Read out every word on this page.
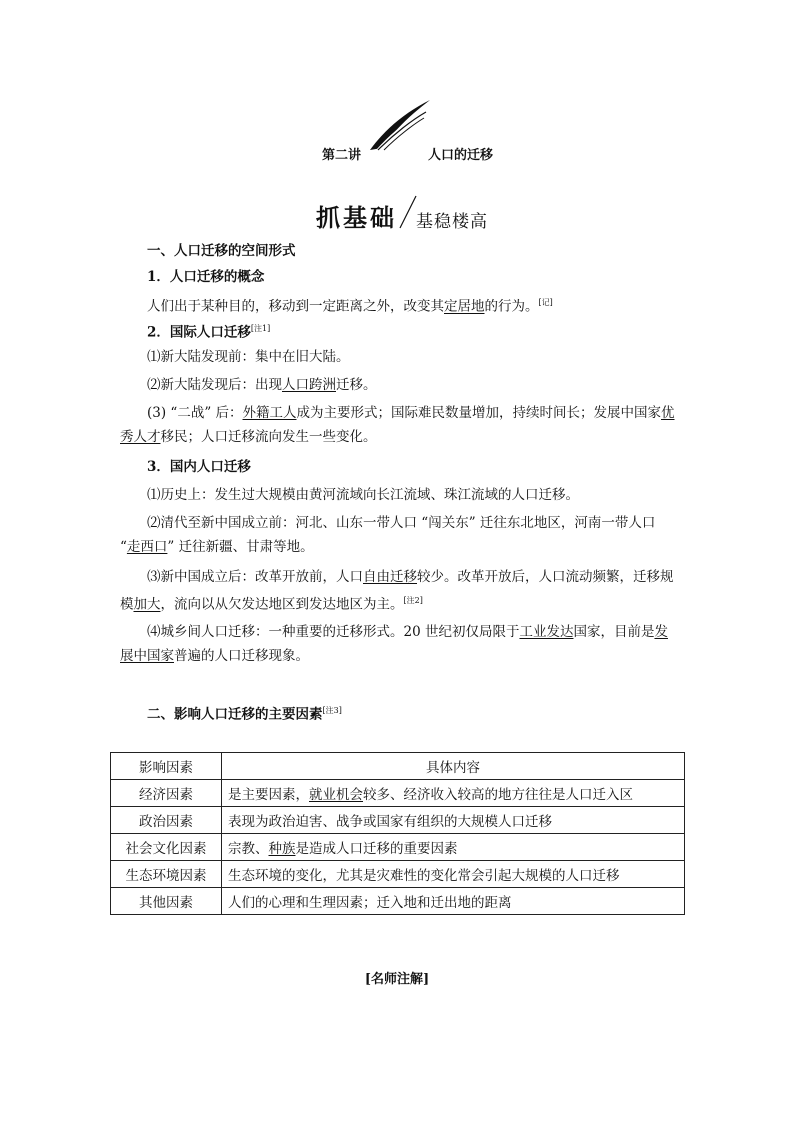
第二讲	人口的迁移
抓基础 基稳楼高
一、人口迁移的空间形式
1．人口迁移的概念
人们出于某种目的，移动到一定距离之外，改变其定居地的行为。[记]
2．国际人口迁移[注1]
⑴新大陆发现前：集中在旧大陆。
⑵新大陆发现后：出现人口跨洲迁移。
(3) “二战” 后：外籍工人成为主要形式；国际难民数量增加，持续时间长；发展中国家优秀人才移民；人口迁移流向发生一些变化。
3．国内人口迁移
⑴历史上：发生过大规模由黄河流域向长江流域、珠江流域的人口迁移。
⑵清代至新中国成立前：河北、山东一带人口 “闯关东” 迁往东北地区，河南一带人口 “走西口” 迁往新疆、甘肃等地。
⑶新中国成立后：改革开放前，人口自由迁移较少。改革开放后，人口流动频繁，迁移规模加大，流向以从欠发达地区到发达地区为主。[注2]
⑷城乡间人口迁移：一种重要的迁移形式。20 世纪初仅局限于工业发达国家，目前是发展中国家普遍的人口迁移现象。
二、影响人口迁移的主要因素[注3]
影响因素	具体内容
经济因素	是主要因素，就业机会较多、经济收入较高的地方往往是人口迁入区
政治因素	表现为政治迫害、战争或国家有组织的大规模人口迁移
社会文化因素	宗教、种族是造成人口迁移的重要因素
生态环境因素	生态环境的变化，尤其是灾难性的变化常会引起大规模的人口迁移
其他因素	人们的心理和生理因素；迁入地和迁出地的距离
[名师注解]
